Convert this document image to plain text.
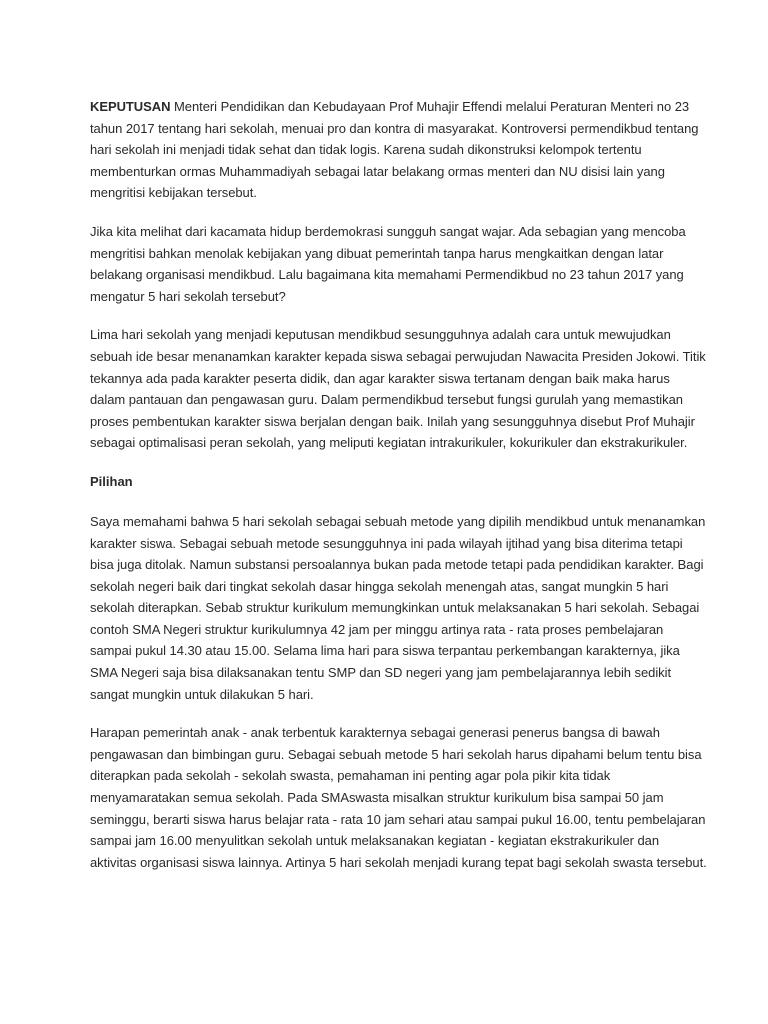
KEPUTUSAN Menteri Pendidikan dan Kebudayaan Prof Muhajir Effendi melalui Peraturan Menteri no 23 tahun 2017 tentang hari sekolah, menuai pro dan kontra di masyarakat. Kontroversi permendikbud tentang hari sekolah ini menjadi tidak sehat dan tidak logis. Karena sudah dikonstruksi kelompok tertentu membenturkan ormas Muhammadiyah sebagai latar belakang ormas menteri dan NU disisi lain yang mengritisi kebijakan tersebut.

Jika kita melihat dari kacamata hidup berdemokrasi sungguh sangat wajar. Ada sebagian yang mencoba mengritisi bahkan menolak kebijakan yang dibuat pemerintah tanpa harus mengkaitkan dengan latar belakang organisasi mendikbud. Lalu bagaimana kita memahami Permendikbud no 23 tahun 2017 yang mengatur 5 hari sekolah tersebut?

Lima hari sekolah yang menjadi keputusan mendikbud sesungguhnya adalah cara untuk mewujudkan sebuah ide besar menanamkan karakter kepada siswa sebagai perwujudan Nawacita Presiden Jokowi. Titik tekannya ada pada karakter peserta didik, dan agar karakter siswa tertanam dengan baik maka harus dalam pantauan dan pengawasan guru. Dalam permendikbud tersebut fungsi gurulah yang memastikan proses pembentukan karakter siswa berjalan dengan baik. Inilah yang sesungguhnya disebut Prof Muhajir sebagai optimalisasi peran sekolah, yang meliputi kegiatan intrakurikuler, kokurikuler dan ekstrakurikuler.

Pilihan

Saya memahami bahwa 5 hari sekolah sebagai sebuah metode yang dipilih mendikbud untuk menanamkan karakter siswa. Sebagai sebuah metode sesungguhnya ini pada wilayah ijtihad yang bisa diterima tetapi bisa juga ditolak. Namun substansi persoalannya bukan pada metode tetapi pada pendidikan karakter. Bagi sekolah negeri baik dari tingkat sekolah dasar hingga sekolah menengah atas, sangat mungkin 5 hari sekolah diterapkan. Sebab struktur kurikulum memungkinkan untuk melaksanakan 5 hari sekolah. Sebagai contoh SMA Negeri struktur kurikulumnya 42 jam per minggu artinya rata - rata proses pembelajaran sampai pukul 14.30 atau 15.00. Selama lima hari para siswa terpantau perkembangan karakternya, jika SMA Negeri saja bisa dilaksanakan tentu SMP dan SD negeri yang jam pembelajarannya lebih sedikit sangat mungkin untuk dilakukan 5 hari.

Harapan pemerintah anak - anak terbentuk karakternya sebagai generasi penerus bangsa di bawah pengawasan dan bimbingan guru. Sebagai sebuah metode 5 hari sekolah harus dipahami belum tentu bisa diterapkan pada sekolah - sekolah swasta, pemahaman ini penting agar pola pikir kita tidak menyamaratakan semua sekolah. Pada SMAswasta misalkan struktur kurikulum bisa sampai 50 jam seminggu, berarti siswa harus belajar rata - rata 10 jam sehari atau sampai pukul 16.00, tentu pembelajaran sampai jam 16.00 menyulitkan sekolah untuk melaksanakan kegiatan - kegiatan ekstrakurikuler dan aktivitas organisasi siswa lainnya. Artinya 5 hari sekolah menjadi kurang tepat bagi sekolah swasta tersebut.
